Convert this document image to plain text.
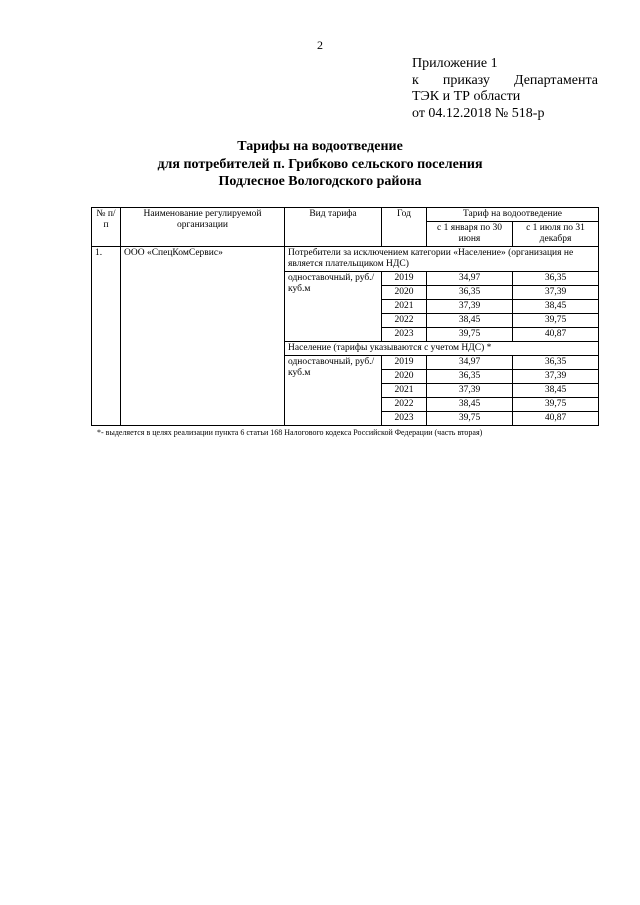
2
Приложение 1
к приказу Департамента
ТЭК и ТР области
от 04.12.2018 № 518-р
Тарифы на водоотведение
для потребителей п. Грибково сельского поселения
Подлесное Вологодского района
№ п/п	Наименование регулируемой организации	Вид тарифа	Год	Тариф на водоотведение	
				с 1 января по 30 июня	с 1 июля по 31 декабря
1.	ООО «СпецКомСервис»	Потребители за исключением категории «Население» (организация не является плательщиком НДС)			
		одноставочный, руб./куб.м	2019	34,97	36,35
			2020	36,35	37,39
			2021	37,39	38,45
			2022	38,45	39,75
			2023	39,75	40,87
		Население (тарифы указываются с учетом НДС) *			
		одноставочный, руб./куб.м	2019	34,97	36,35
			2020	36,35	37,39
			2021	37,39	38,45
			2022	38,45	39,75
			2023	39,75	40,87
*- выделяется в целях реализации пункта 6 статьи 168 Налогового кодекса Российской Федерации (часть вторая)
